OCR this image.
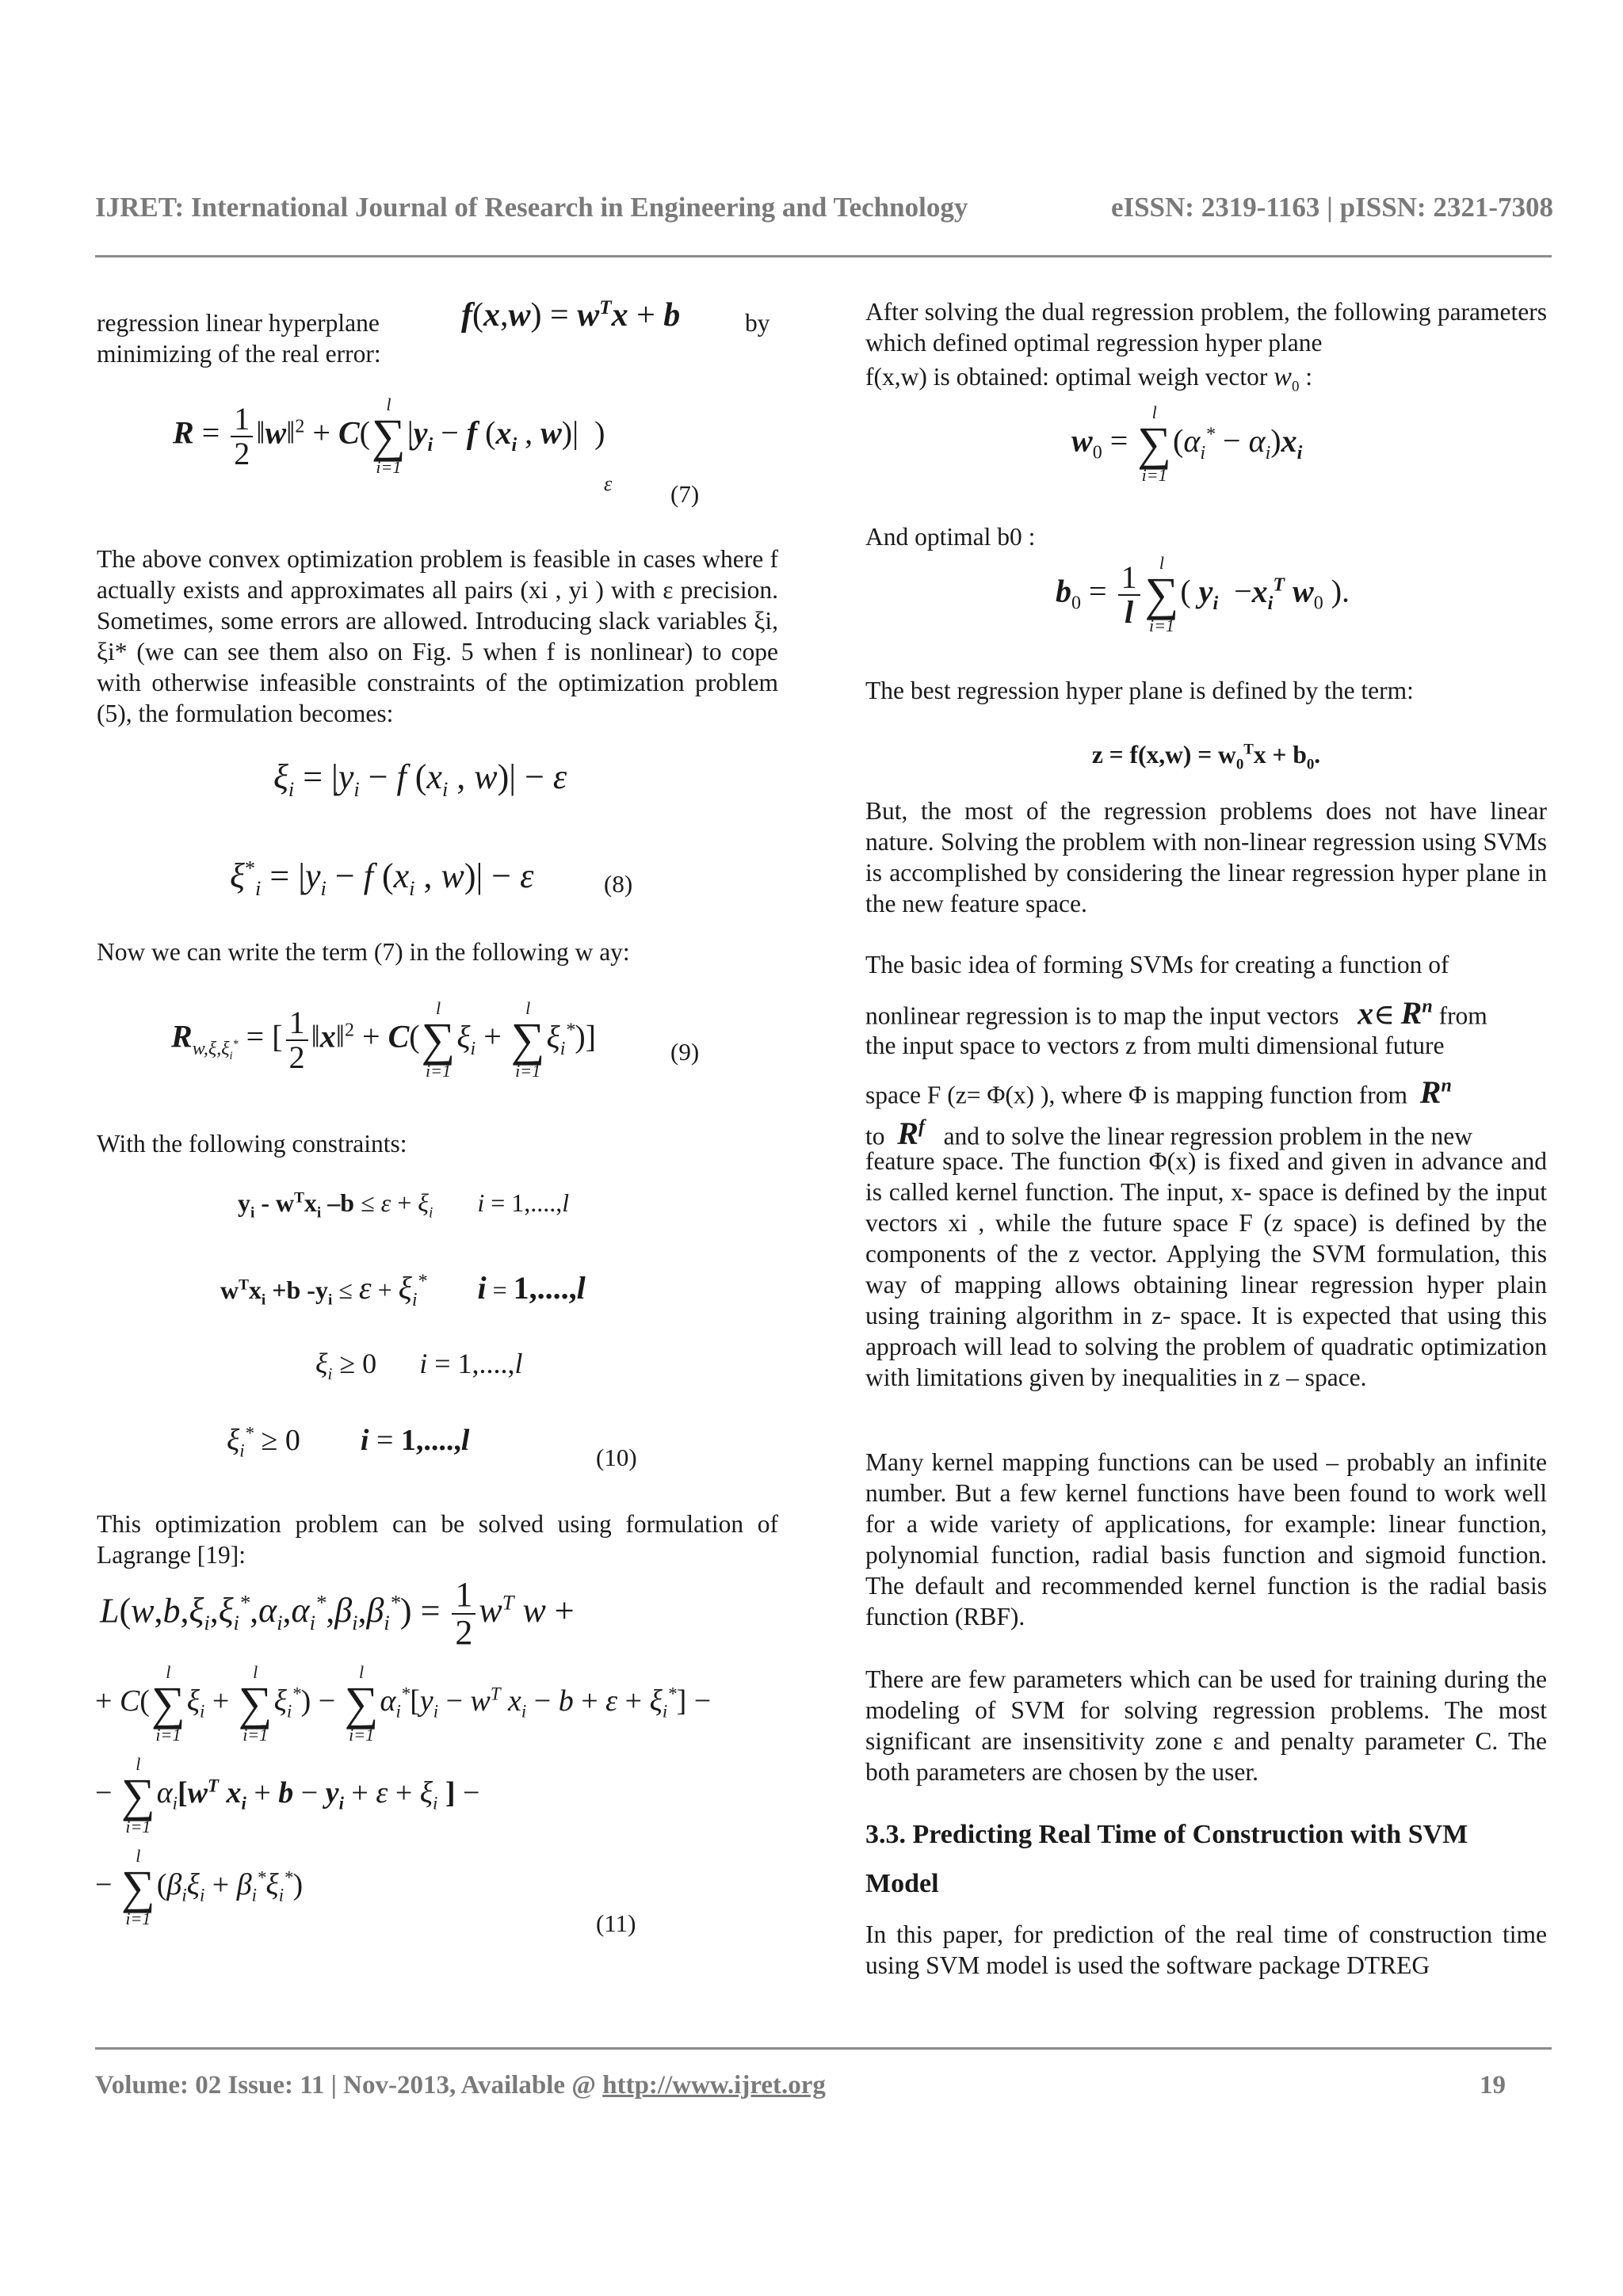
IJRET: International Journal of Research in Engineering and Technology	eISSN: 2319-1163 | pISSN: 2321-7308
regression linear hyperplane	$f(x,w) = w^Tx + b$	by
minimizing of the real error:
$R = \frac{1}{2}$ ‖w‖$^2$ + C(
l
∑
i=1
$|y_i - f$ ($x_i$ , w)|  )
ε (7)
The above convex optimization problem is feasible in cases where f actually exists and approximates all pairs (xi , yi ) with ε precision. Sometimes, some errors are allowed. Introducing slack variables ξi, ξi* (we can see them also on Fig. 5 when f is nonlinear) to cope with otherwise infeasible constraints of the optimization problem (5), the formulation becomes:
$\xi_i = |y_i - f$ ($x_i$ , w)| − ε
$\xi^*_i = |y_i - f$ ($x_i$ , w)| − ε	(8)
Now we can write the term (7) in the following w ay:
$R_{w,\xi,\xi_i^*}$ = [ $\frac{1}{2}$ ‖x‖$^2$ + C(
l
∑
i=1
$\xi_i$ +
l
∑
i=1
$\xi_i^*$)]	(9)
With the following constraints:
$y_i - w^Tx_i$ $-b \le \varepsilon + \xi_i$ i = 1,....,l
$w^Tx_i +b$ $-y_i \le \varepsilon + \xi_i^*$ i = 1,....,l
$\xi_i \ge 0$      i = 1,....,l
$\xi_i^* \ge 0$        i = 1,....,l
(10)
This optimization problem can be solved using formulation of Lagrange [19]:
$L(w,b,\xi_i,\xi_i^*,\alpha_i,\alpha_i^*,\beta_i,\beta_i^*) = \frac{1}{2} w^T$ w +
+ C(
l
∑
i=1
$\xi_i$ +
l
∑
i=1
$\xi_i^*$) −
l
∑
i=1
$\alpha_i^*[y_i - w^T$ $x_i - b + \varepsilon + \xi_i^*$] −
−
l
∑
i=1
$\alpha_i[w^T$ $x_i + b - y_i + \varepsilon + \xi_i$ ] −
−
l
∑
i=1
$(\beta_i\xi_i + \beta_i^*\xi_i^*)$
(11)
After solving the dual regression problem, the following parameters which defined optimal regression hyper plane
f(x,w) is obtained: optimal weigh vector $w_0$ :
$w_0$ =
l
∑
i=1
$(\alpha_i^* - \alpha_i)x_i$
And optimal b0 :
$b_0 = \frac{1}{l}$	l
∑
i=1
( $y_i -x_i^T$ $w_0$ ).
The best regression hyper plane is defined by the term:
$z = f(x,w) = w_0^Tx + b_0$.
But, the most of the regression problems does not have linear nature. Solving the problem with non-linear regression using SVMs is accomplished by considering the linear regression hyper plane in the new feature space.
The basic idea of forming SVMs for creating a function of
nonlinear regression is to map the input vectors x∈ $R^n$ from
the input space to vectors z from multi dimensional future
space F (z= Φ(x) ), where Φ is mapping function from $R^n$
to $R^f$ and to solve the linear regression problem in the new
feature space. The function Φ(x) is fixed and given in advance and is called kernel function. The input, x- space is defined by the input vectors xi , while the future space F (z space) is defined by the components of the z vector. Applying the SVM formulation, this way of mapping allows obtaining linear regression hyper plain using training algorithm in z- space. It is expected that using this approach will lead to solving the problem of quadratic optimization with limitations given by inequalities in z – space.
Many kernel mapping functions can be used – probably an infinite number. But a few kernel functions have been found to work well for a wide variety of applications, for example: linear function, polynomial function, radial basis function and sigmoid function. The default and recommended kernel function is the radial basis function (RBF).
There are few parameters which can be used for training during the modeling of SVM for solving regression problems. The most significant are insensitivity zone ε and penalty parameter C. The both parameters are chosen by the user.
3.3. Predicting Real Time of Construction with SVM
Model
In this paper, for prediction of the real time of construction time using SVM model is used the software package DTREG
Volume: 02 Issue: 11 | Nov-2013, Available @ http://www.ijret.org	19
